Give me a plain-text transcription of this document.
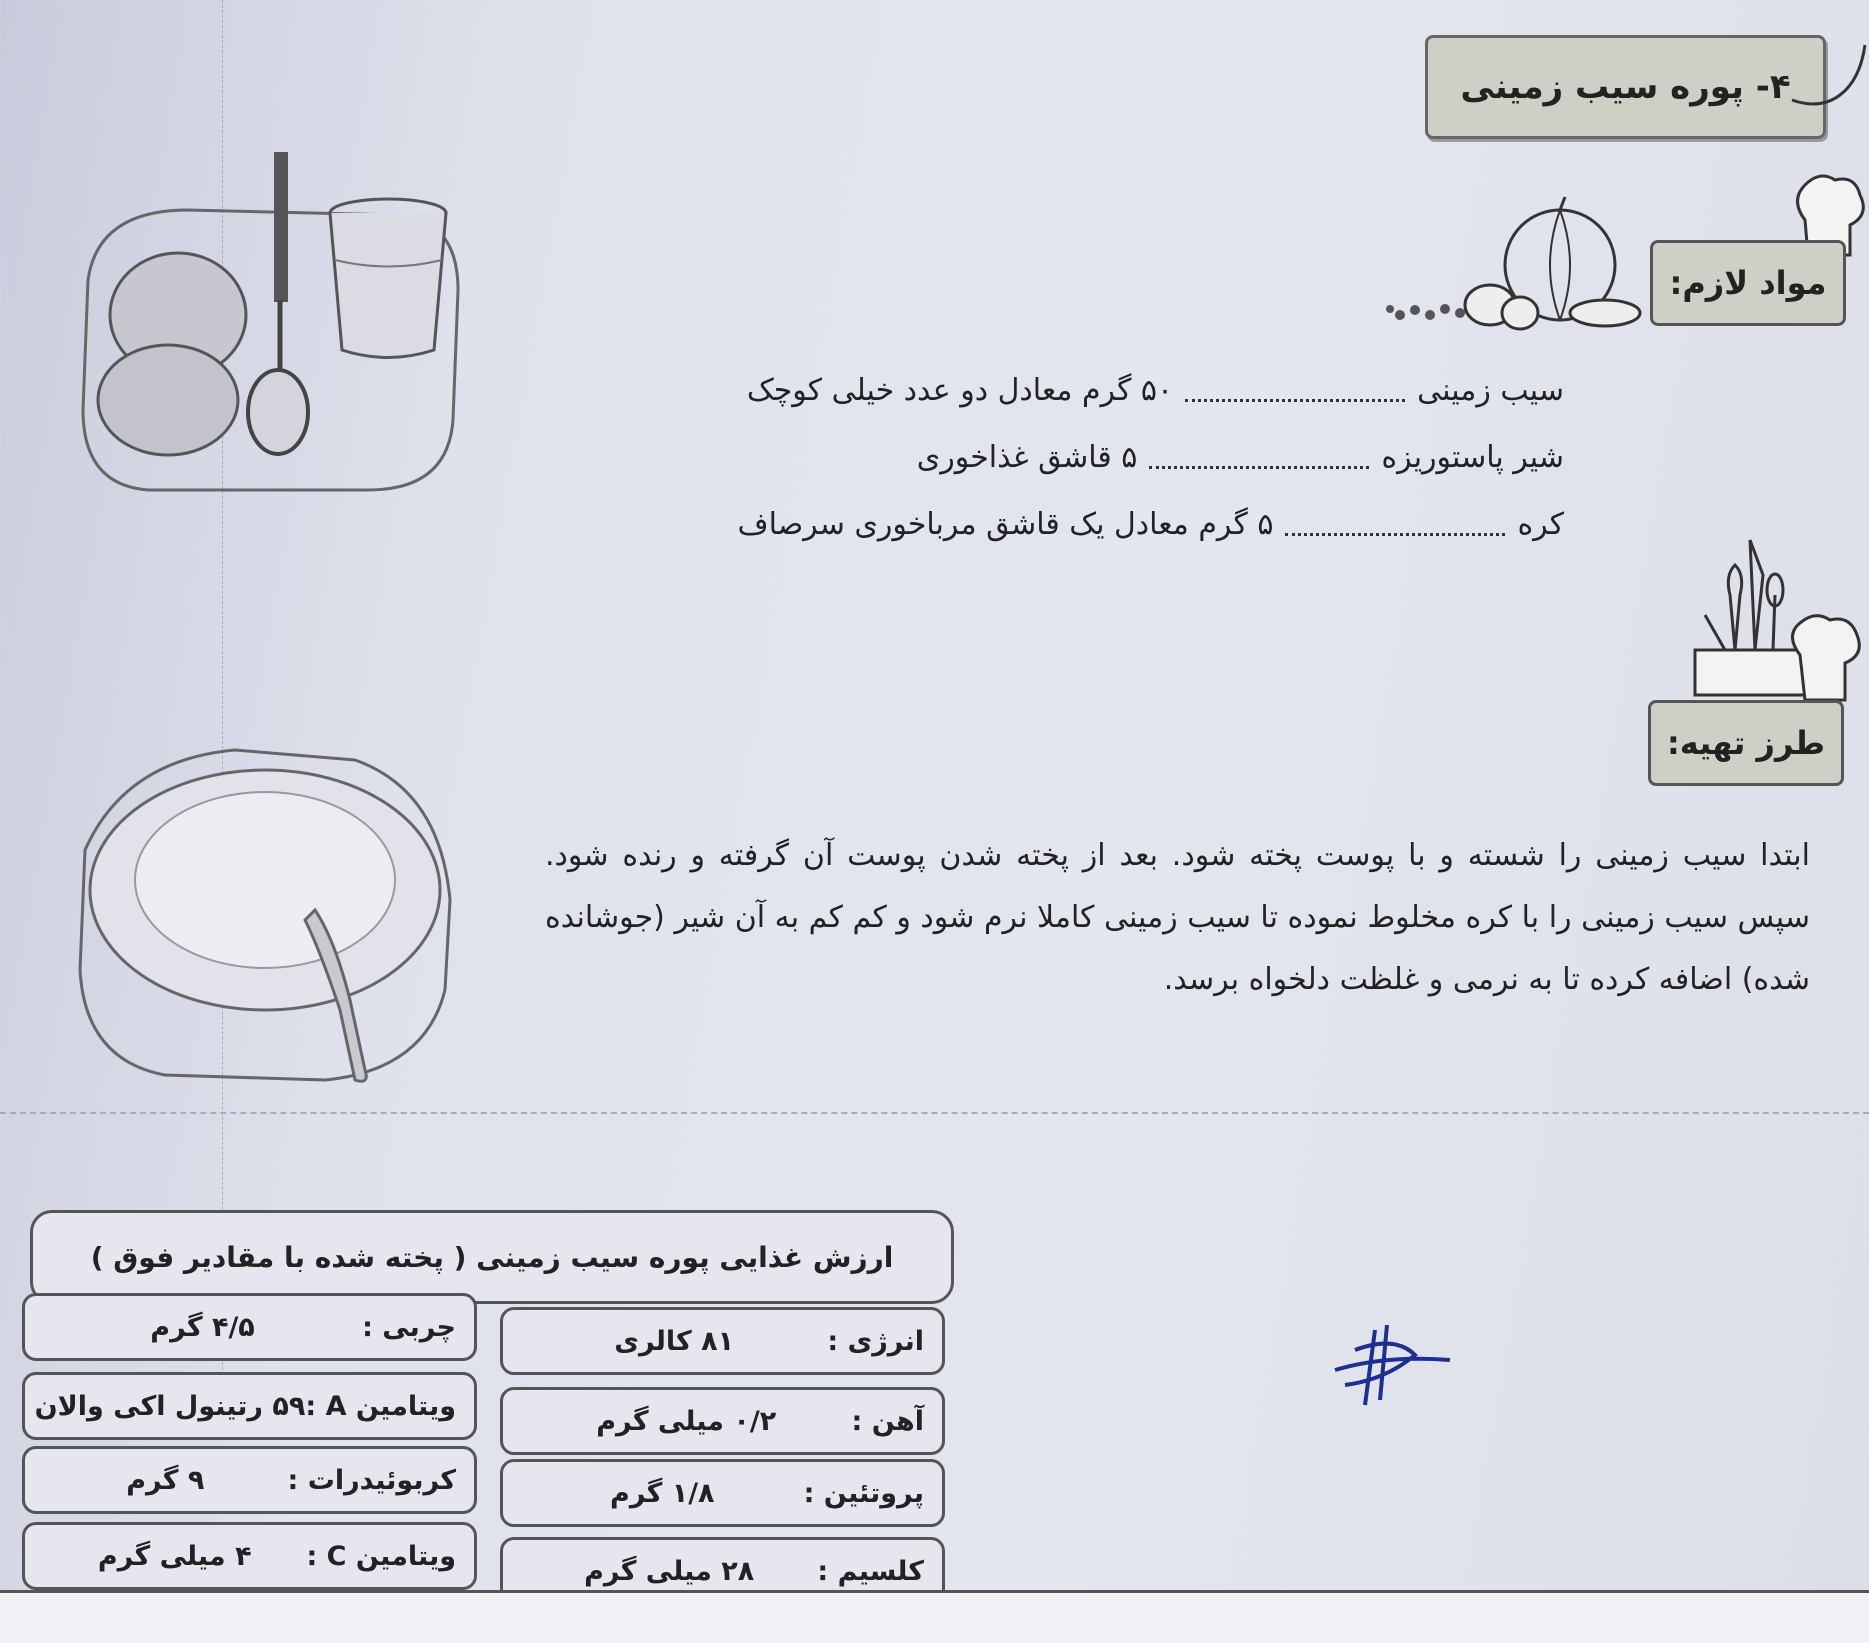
۴- پوره سیب زمینی
مواد لازم:
سیب زمینی
۵۰ گرم معادل دو عدد خیلی کوچک
شیر پاستوریزه
۵ قاشق غذاخوری
کره
۵ گرم معادل یک قاشق مرباخوری سرصاف
طرز تهیه:
ابتدا سیب زمینی را شسته و با پوست پخته شود. بعد از پخته شدن پوست آن گرفته و رنده شود. سپس سیب زمینی را با کره مخلوط نموده تا سیب زمینی کاملا نرم شود و کم کم به آن شیر (جوشانده شده) اضافه کرده تا به نرمی و غلظت دلخواه برسد.
ارزش غذایی پوره سیب زمینی ( پخته شده با مقادیر فوق )
انرژی :
۸۱ کالری
آهن :
۰/۲ میلی گرم
پروتئین :
۱/۸ گرم
کلسیم :
۲۸ میلی گرم
چربی :
۴/۵ گرم
ویتامین A :
۵۹ رتینول اکی والان
کربوئیدرات :
۹ گرم
ویتامین C :
۴ میلی گرم
